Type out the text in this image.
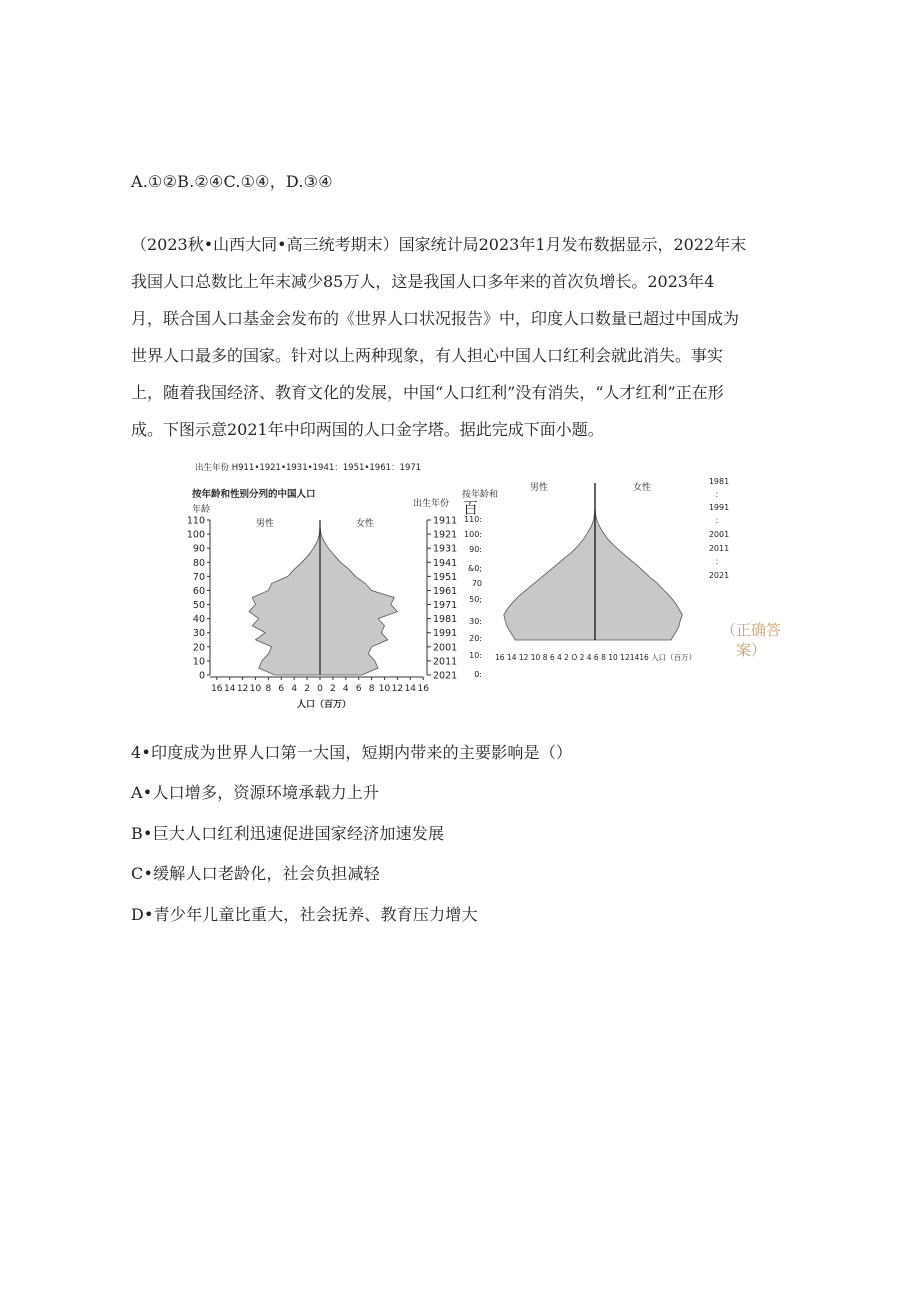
A.①②B.②④C.①④，D.③④
（2023秋•山西大同•高三统考期末）国家统计局2023年1月发布数据显示，2022年末
我国人口总数比上年末减少85万人，这是我国人口多年来的首次负增长。2023年4
月，联合国人口基金会发布的《世界人口状况报告》中，印度人口数量已超过中国成为
世界人口最多的国家。针对以上两种现象，有人担心中国人口红利会就此消失。事实
上，随着我国经济、教育文化的发展，中国“人口红利”没有消失，“人才红利”正在形
成。下图示意2021年中印两国的人口金字塔。据此完成下面小题。
出生年份 H911•1921•1931•1941：1951•1961：1971
按年龄和性别分列的中国人口
年龄
出生年份
男性	女性
110
100
90
80
70
60
50
40
30
20
10
0
1911
1921
1931
1941
1951
1961
1971
1981
1991
2001
2011
2021
16 14 12 10 8 6 4 2 0 2 4 6 8 10 12 14 16
人口（百万）
按年龄和
百
男性	女性
110:
100:
90:
&0;
70
50;
30:
20:
10:
0:
1981
：
1991
：
2001
2011
：
2021
16 14 12 10 8 6 4 2 O 2 4 6 8 10 121416 人口（百万）
（正确答案）
4•印度成为世界人口第一大国，短期内带来的主要影响是（）
A•人口增多，资源环境承载力上升
B•巨大人口红利迅速促进国家经济加速发展
C•缓解人口老龄化，社会负担减轻
D•青少年儿童比重大，社会抚养、教育压力增大
